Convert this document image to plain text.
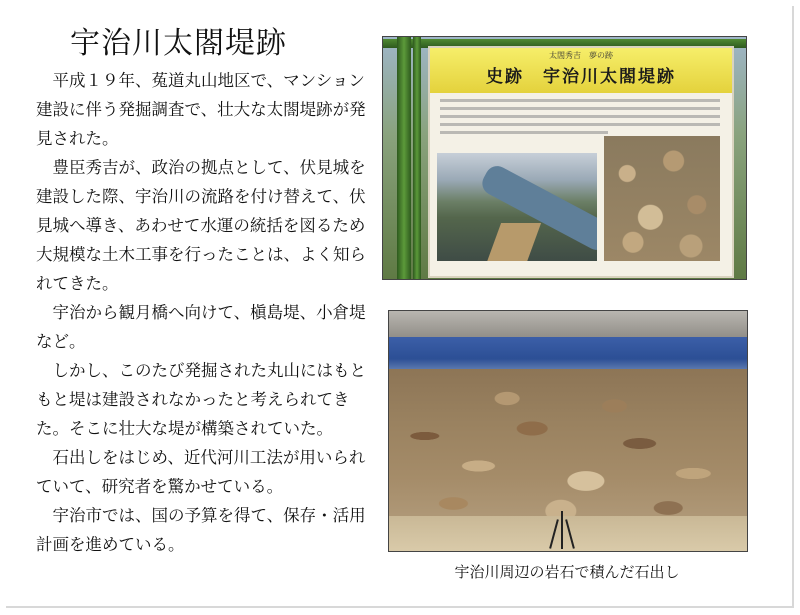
宇治川太閤堤跡

　平成１９年、菟道丸山地区で、マンション建設に伴う発掘調査で、壮大な太閤堤跡が発見された。

　豊臣秀吉が、政治の拠点として、伏見城を建設した際、宇治川の流路を付け替えて、伏見城へ導き、あわせて水運の統括を図るため大規模な土木工事を行ったことは、よく知られてきた。

　宇治から観月橋へ向けて、槇島堤、小倉堤など。

　しかし、このたび発掘された丸山にはもともと堤は建設されなかったと考えられてきた。そこに壮大な堤が構築されていた。

　石出しをはじめ、近代河川工法が用いられていて、研究者を驚かせている。

　宇治市では、国の予算を得て、保存・活用計画を進めている。

太閤秀吉　夢の跡
史跡　宇治川太閤堤跡

宇治川周辺の岩石で積んだ石出し
